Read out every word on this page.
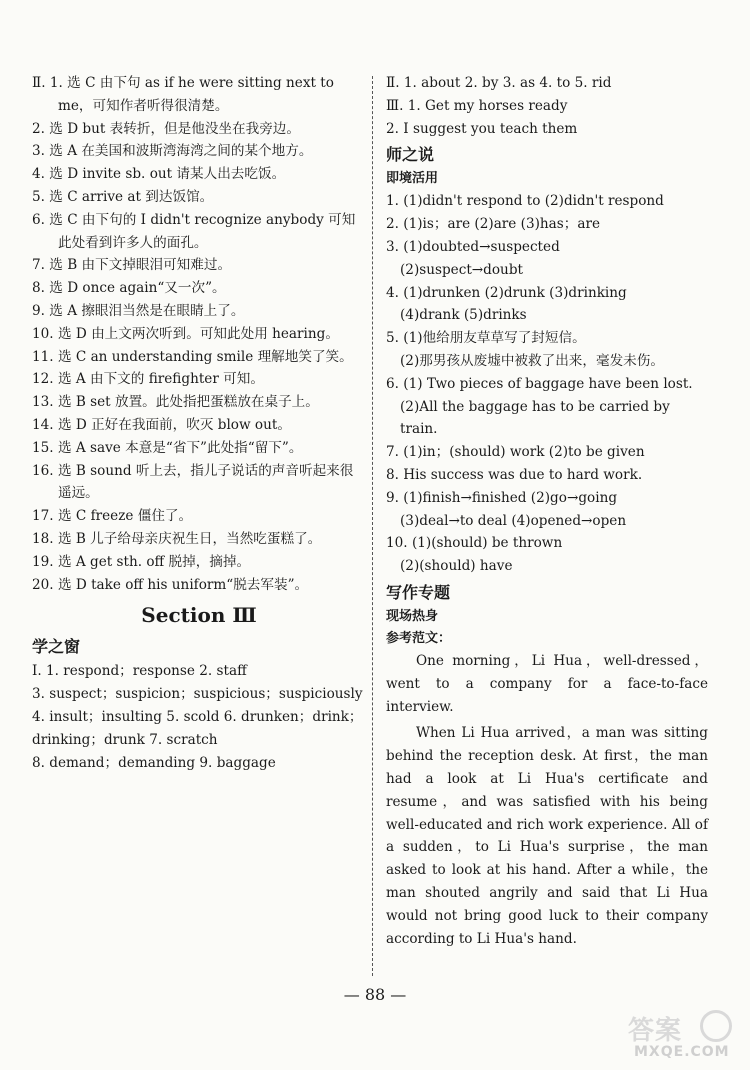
Ⅱ. 1. 选 C 由下句 as if he were sitting next to me，可知作者听得很清楚。

2. 选 D but 表转折，但是他没坐在我旁边。

3. 选 A 在美国和波斯湾海湾之间的某个地方。

4. 选 D invite sb. out 请某人出去吃饭。

5. 选 C arrive at 到达饭馆。

6. 选 C 由下句的 I didn't recognize anybody 可知此处看到许多人的面孔。

7. 选 B 由下文掉眼泪可知难过。

8. 选 D once again“又一次”。

9. 选 A 擦眼泪当然是在眼睛上了。

10. 选 D 由上文两次听到。可知此处用 hearing。

11. 选 C an understanding smile 理解地笑了笑。

12. 选 A 由下文的 firefighter 可知。

13. 选 B set 放置。此处指把蛋糕放在桌子上。

14. 选 D 正好在我面前，吹灭 blow out。

15. 选 A save 本意是“省下”此处指“留下”。

16. 选 B sound 听上去，指儿子说话的声音听起来很遥远。

17. 选 C freeze 僵住了。

18. 选 B 儿子给母亲庆祝生日，当然吃蛋糕了。

19. 选 A get sth. off 脱掉，摘掉。

20. 选 D take off his uniform“脱去军装”。

Section Ⅲ
学之窗

Ⅰ. 1. respond；response 2. staff

3. suspect；suspicion；suspicious；suspiciously

4. insult；insulting 5. scold 6. drunken；drink；drinking；drunk 7. scratch

8. demand；demanding 9. baggage

Ⅱ. 1. about 2. by 3. as 4. to 5. rid

Ⅲ. 1. Get my horses ready

2. I suggest you teach them

师之说
即境活用

1. (1)didn't respond to (2)didn't respond

2. (1)is；are (2)are (3)has；are

3. (1)doubted→suspected

(2)suspect→doubt

4. (1)drunken (2)drunk (3)drinking

(4)drank (5)drinks

5. (1)他给朋友草草写了封短信。

(2)那男孩从废墟中被救了出来，毫发未伤。

6. (1) Two pieces of baggage have been lost.

(2)All the baggage has to be carried by train.

7. (1)in；(should) work (2)to be given

8. His success was due to hard work.

9. (1)finish→finished (2)go→going

(3)deal→to deal (4)opened→open

10. (1)(should) be thrown

(2)(should) have

写作专题
现场热身
参考范文：

One morning，Li Hua，well-dressed，went to a company for a face-to-face interview.

When Li Hua arrived，a man was sitting behind the reception desk. At first，the man had a look at Li Hua's certificate and resume，and was satisfied with his being well-educated and rich work experience. All of a sudden，to Li Hua's surprise，the man asked to look at his hand. After a while，the man shouted angrily and said that Li Hua would not bring good luck to their company according to Li Hua's hand.

— 88 —
答案
MXQE.COM
